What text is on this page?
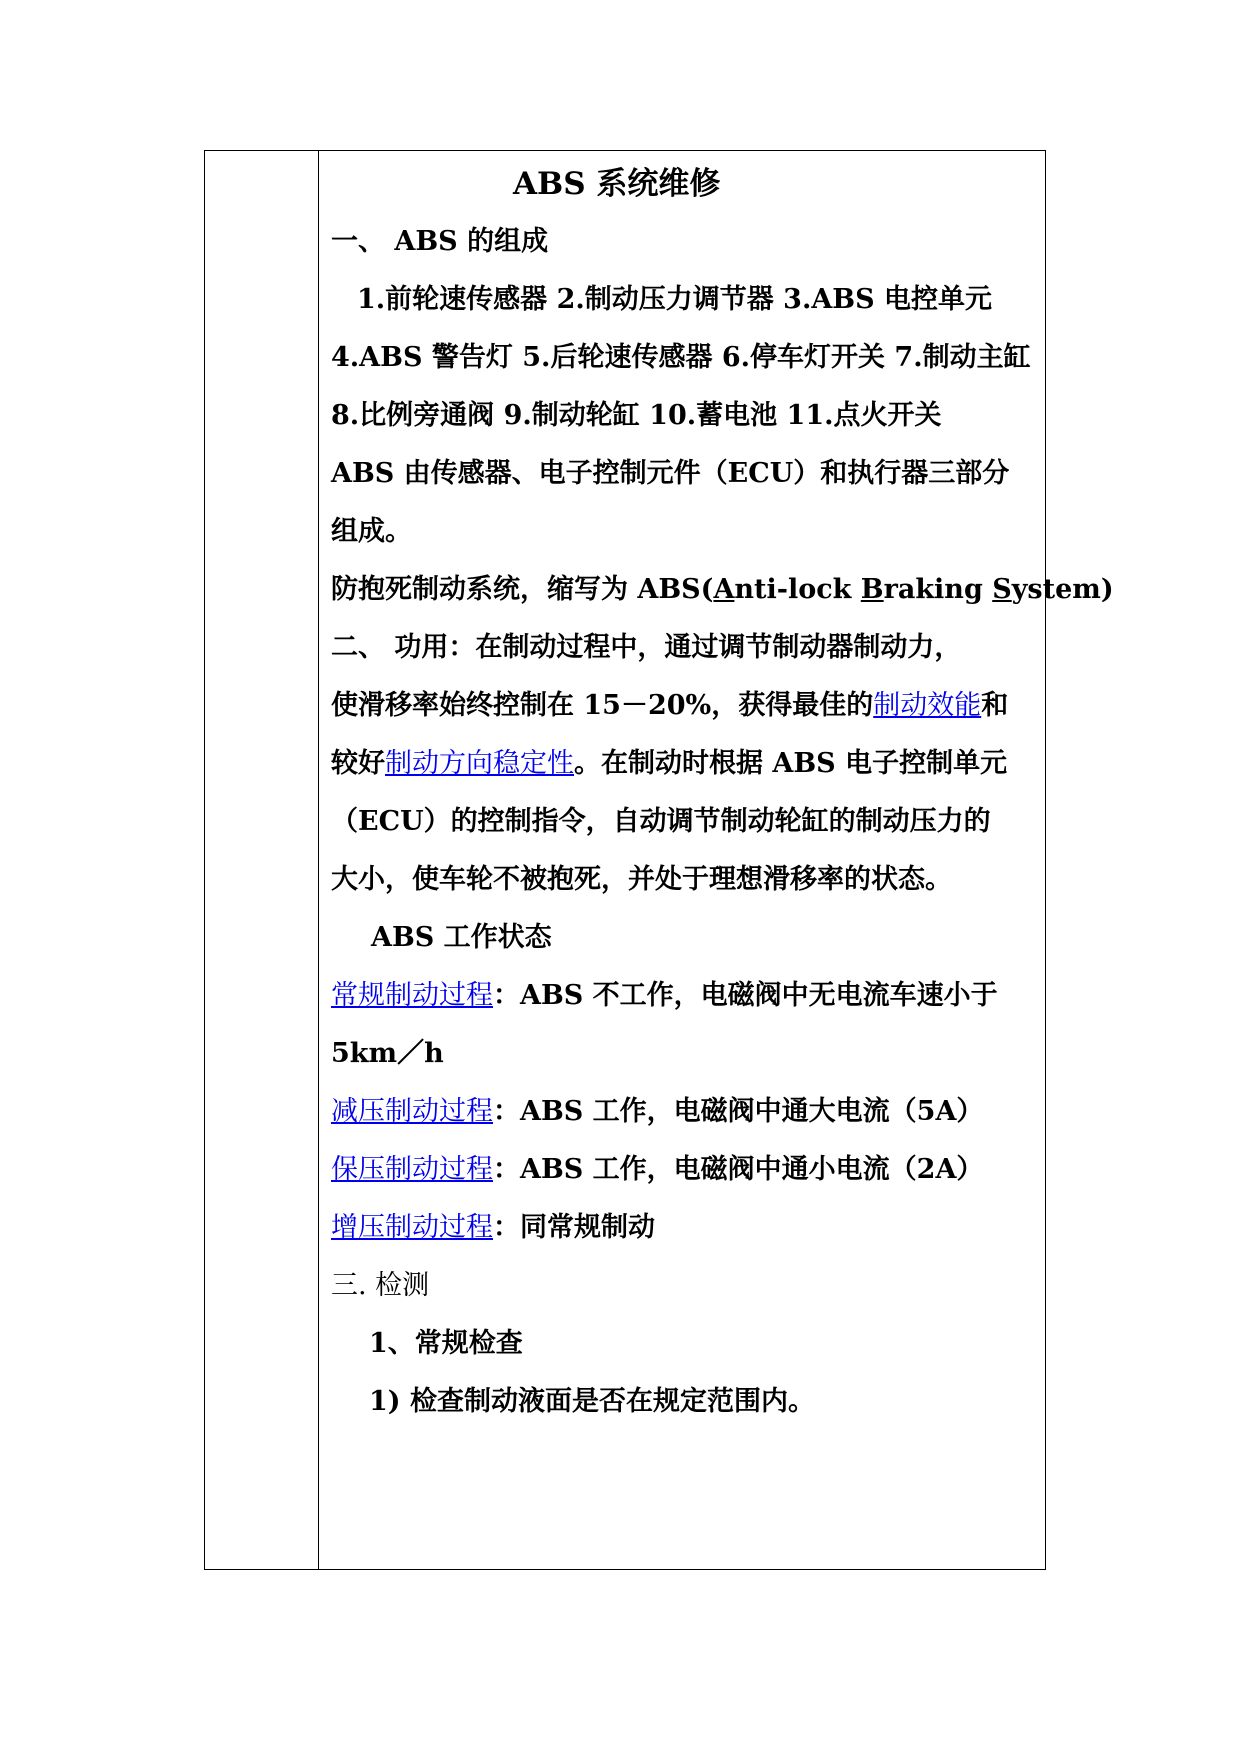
ABS 系统维修
一、 ABS 的组成
1.前轮速传感器 2.制动压力调节器 3.ABS 电控单元
4.ABS 警告灯 5.后轮速传感器 6.停车灯开关 7.制动主缸
8.比例旁通阀 9.制动轮缸 10.蓄电池 11.点火开关
ABS 由传感器、电子控制元件（ECU）和执行器三部分
组成。
防抱死制动系统，缩写为 ABS(Anti-lock Braking System)
二、 功用：在制动过程中，通过调节制动器制动力，
使滑移率始终控制在 15－20%，获得最佳的制动效能和
较好制动方向稳定性。在制动时根据 ABS 电子控制单元
（ECU）的控制指令，自动调节制动轮缸的制动压力的
大小，使车轮不被抱死，并处于理想滑移率的状态。
ABS 工作状态
常规制动过程：ABS 不工作，电磁阀中无电流车速小于
5km／h
减压制动过程：ABS 工作，电磁阀中通大电流（5A）
保压制动过程：ABS 工作，电磁阀中通小电流（2A）
增压制动过程：同常规制动
三. 检测
1、常规检查
1) 检查制动液面是否在规定范围内。
